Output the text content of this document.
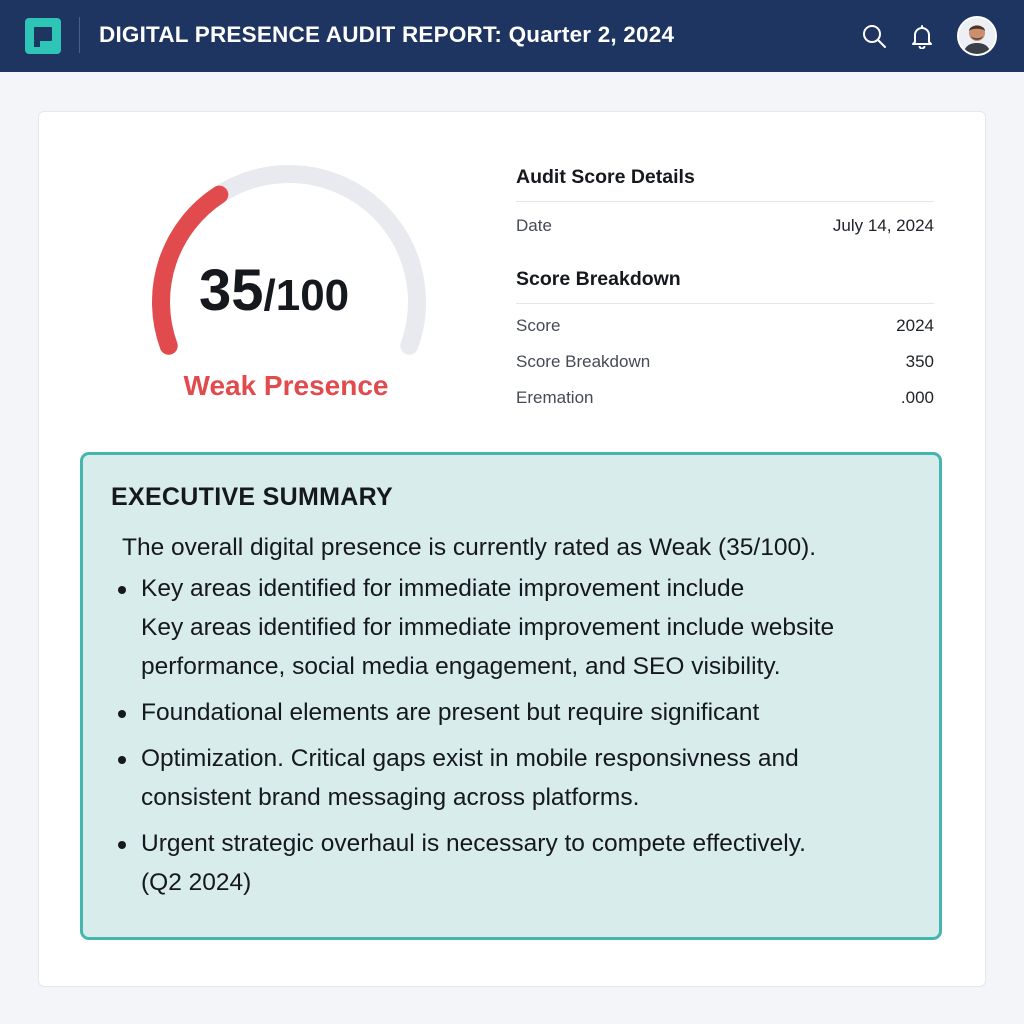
DIGITAL PRESENCE AUDIT REPORT: Quarter 2, 2024
35/100
Weak Presence
Audit Score Details
Date	July 14, 2024
Score Breakdown
Score	2024
Score Breakdown	350
Eremation	.000
EXECUTIVE SUMMARY
The overall digital presence is currently rated as Weak (35/100).
Key areas identified for immediate improvement include
Key areas identified for immediate improvement include website
performance, social media engagement, and SEO visibility.
Foundational elements are present but require significant
Optimization. Critical gaps exist in mobile responsivness and
consistent brand messaging across platforms.
Urgent strategic overhaul is necessary to compete effectively.
(Q2 2024)
